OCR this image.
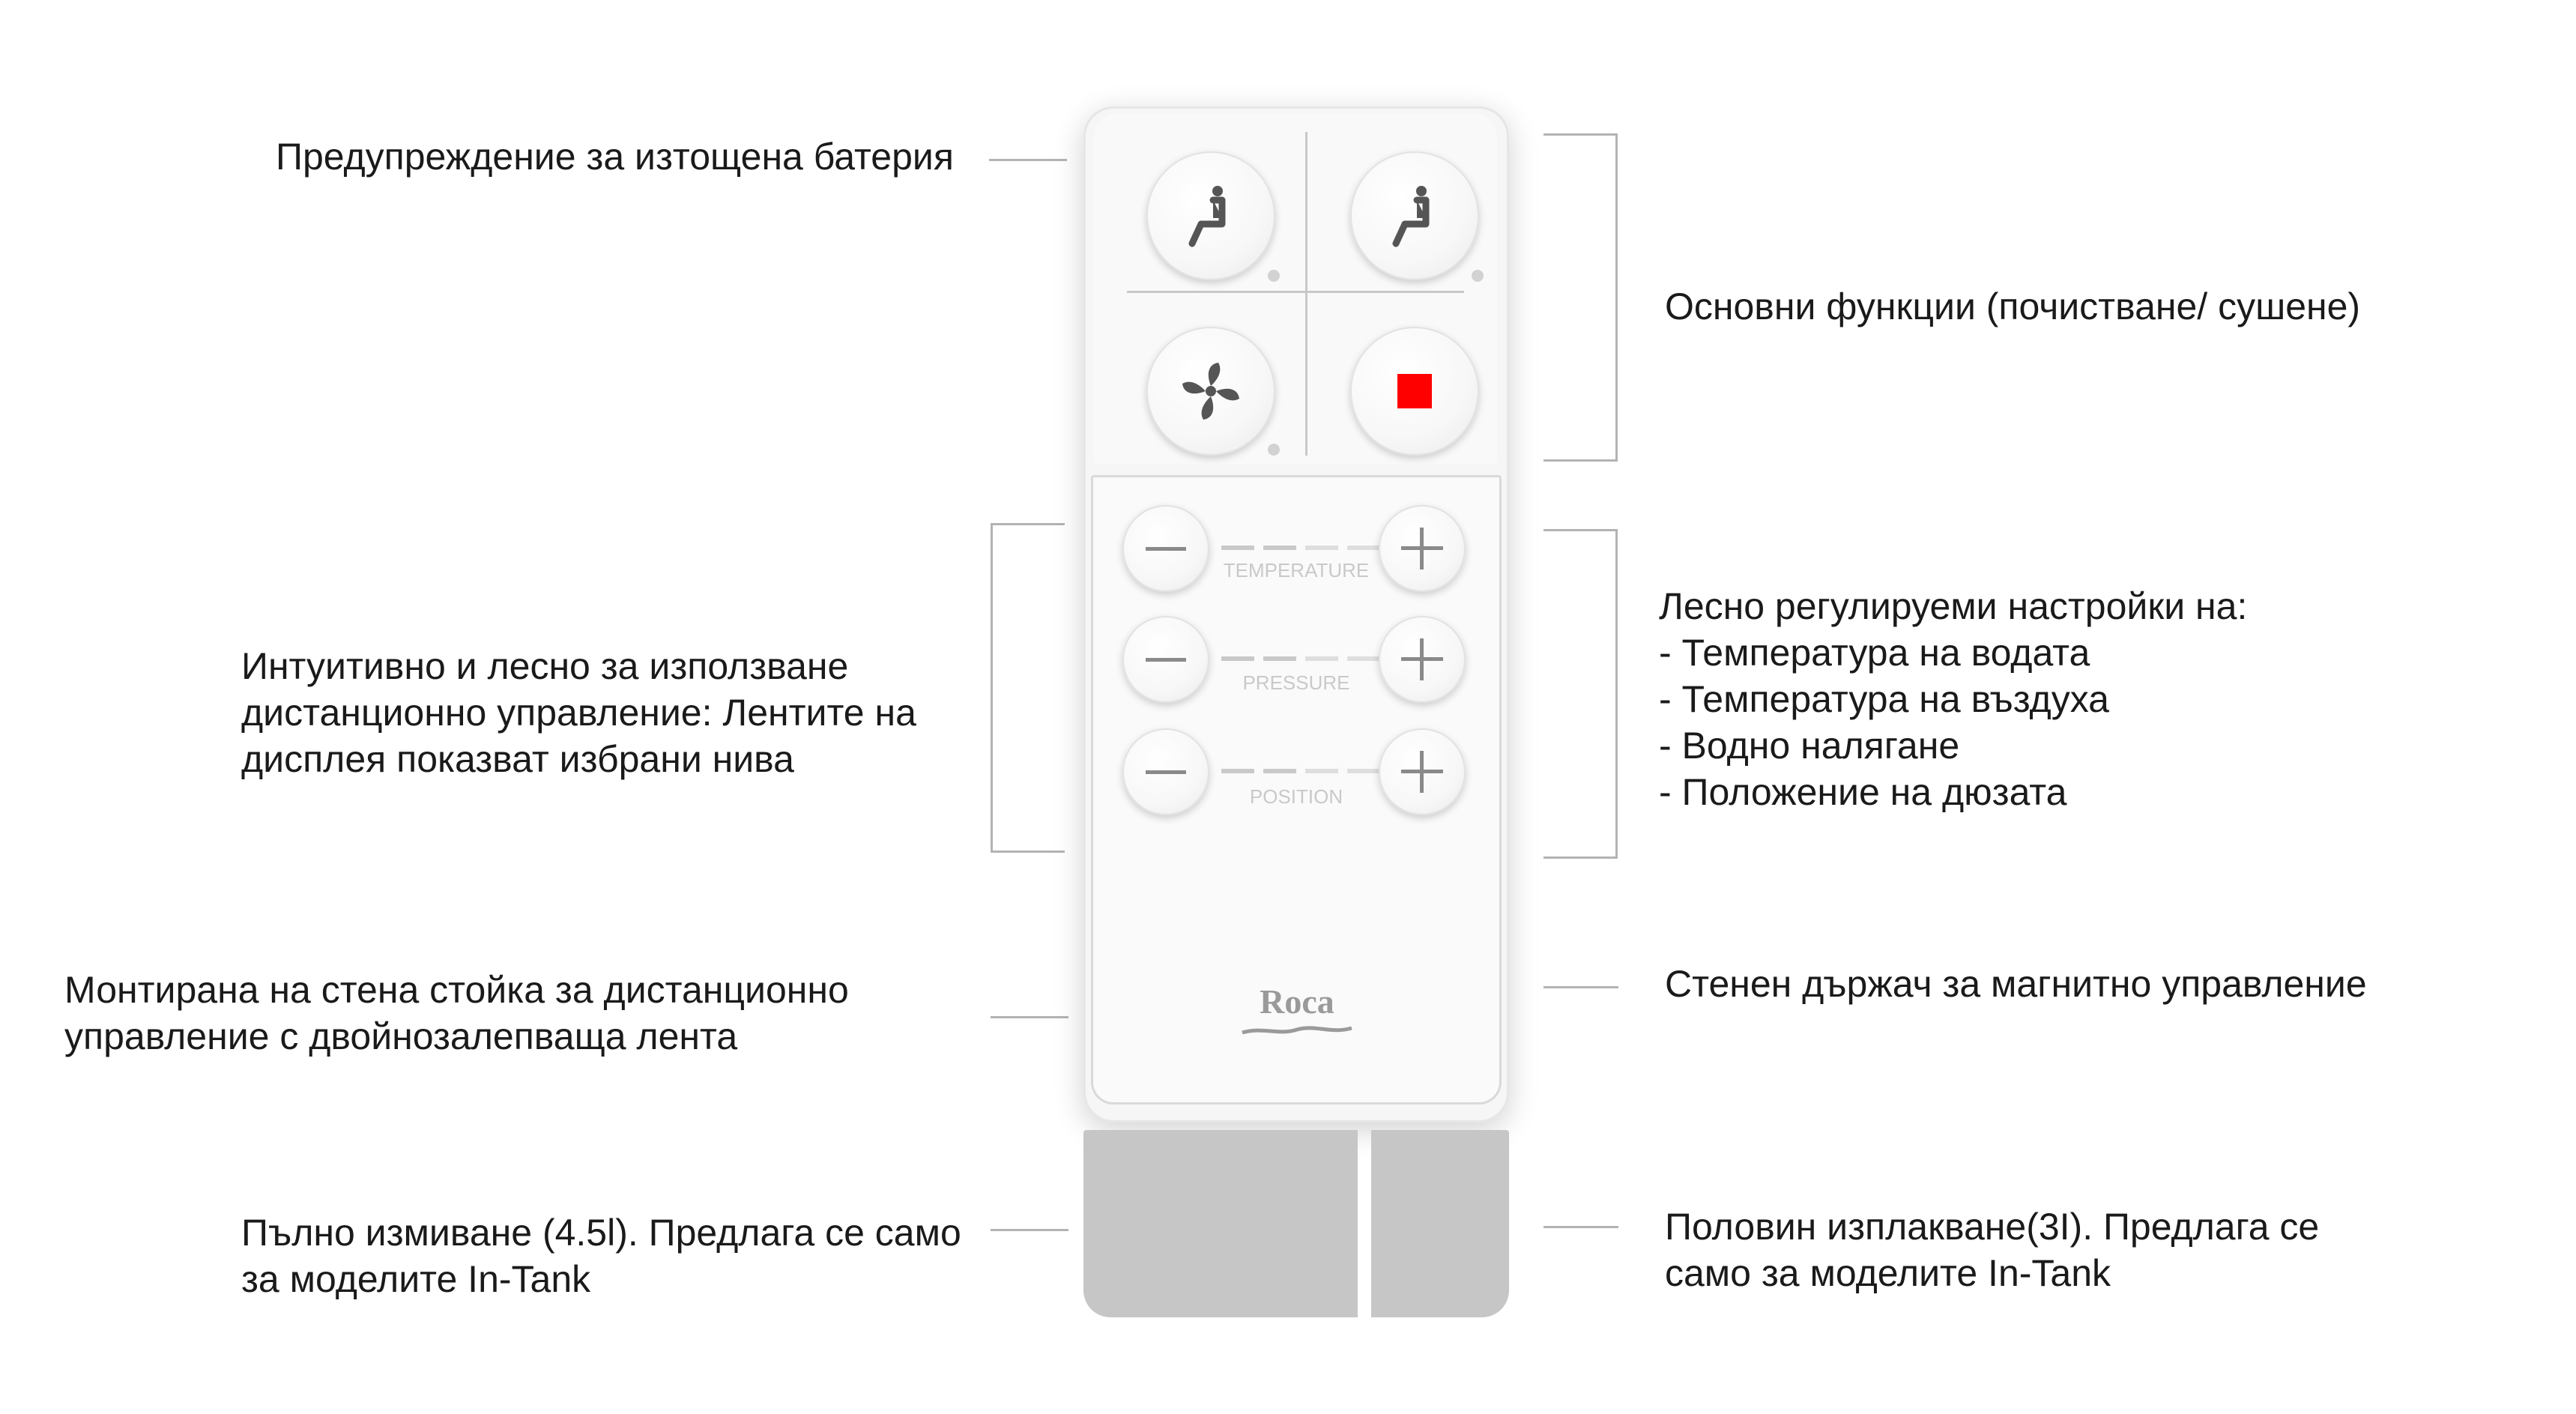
Предупреждение за изтощена батерия
Основни функции (почистване/ сушене)
Интуитивно и лесно за използване
дистанционно управление: Лентите на
дисплея показват избрани нива
Лесно регулируеми настройки на:
- Температура на водата
- Температура на въздуха
- Водно налягане
- Положение на дюзата
Монтирана на стена стойка за дистанционно
управление с двойнозалепваща лента
Стенен държач за магнитно управление
Пълно измиване (4.5l). Предлага се само
за моделите In-Tank
Половин изплакване(3I). Предлага се
само за моделите In-Tank
TEMPERATURE
PRESSURE
POSITION
Roca
